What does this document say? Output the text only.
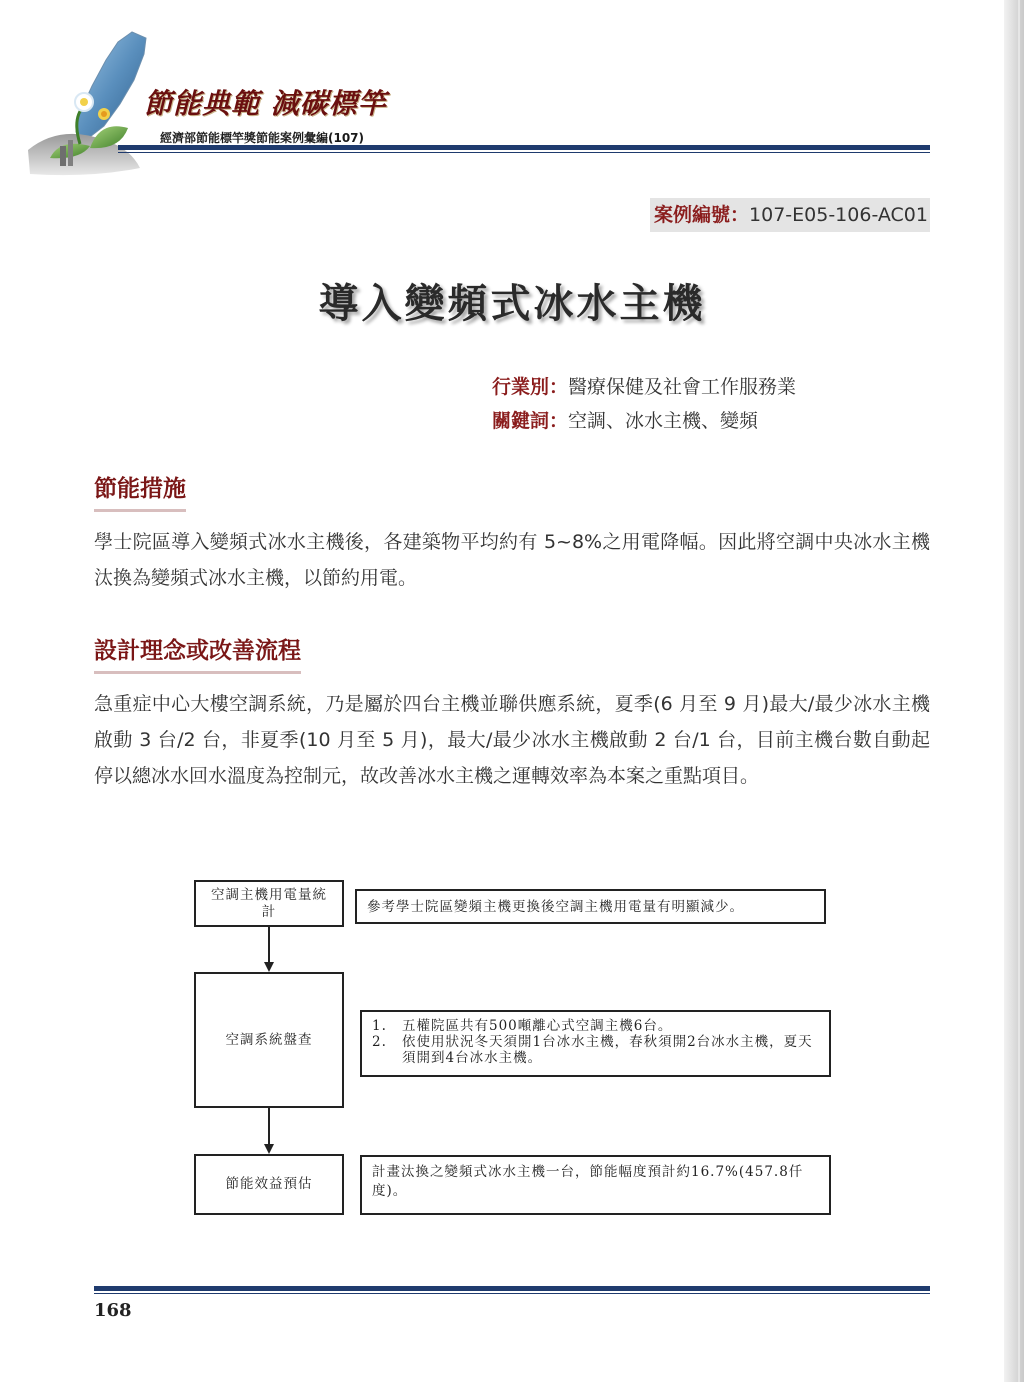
節能典範 減碳標竿
經濟部節能標竿獎節能案例彙編(107)
案例編號：107-E05-106-AC01
導入變頻式冰水主機
行業別：醫療保健及社會工作服務業
關鍵詞：空調、冰水主機、變頻
節能措施
學士院區導入變頻式冰水主機後，各建築物平均約有 5~8%之用電降幅。因此將空調中央冰水主機汰換為變頻式冰水主機，以節約用電。
設計理念或改善流程
急重症中心大樓空調系統，乃是屬於四台主機並聯供應系統，夏季(6 月至 9 月)最大/最少冰水主機啟動 3 台/2 台，非夏季(10 月至 5 月)，最大/最少冰水主機啟動 2 台/1 台，目前主機台數自動起停以總冰水回水溫度為控制元，故改善冰水主機之運轉效率為本案之重點項目。
空調主機用電量統計	參考學士院區變頻主機更換後空調主機用電量有明顯減少。
空調系統盤查
1.	五權院區共有500噸離心式空調主機6台。
2.	依使用狀況冬天須開1台冰水主機，春秋須開2台冰水主機，夏天須開到4台冰水主機。
節能效益預估
計畫汰換之變頻式冰水主機一台，節能幅度預計約16.7%(457.8仟度)。
168
